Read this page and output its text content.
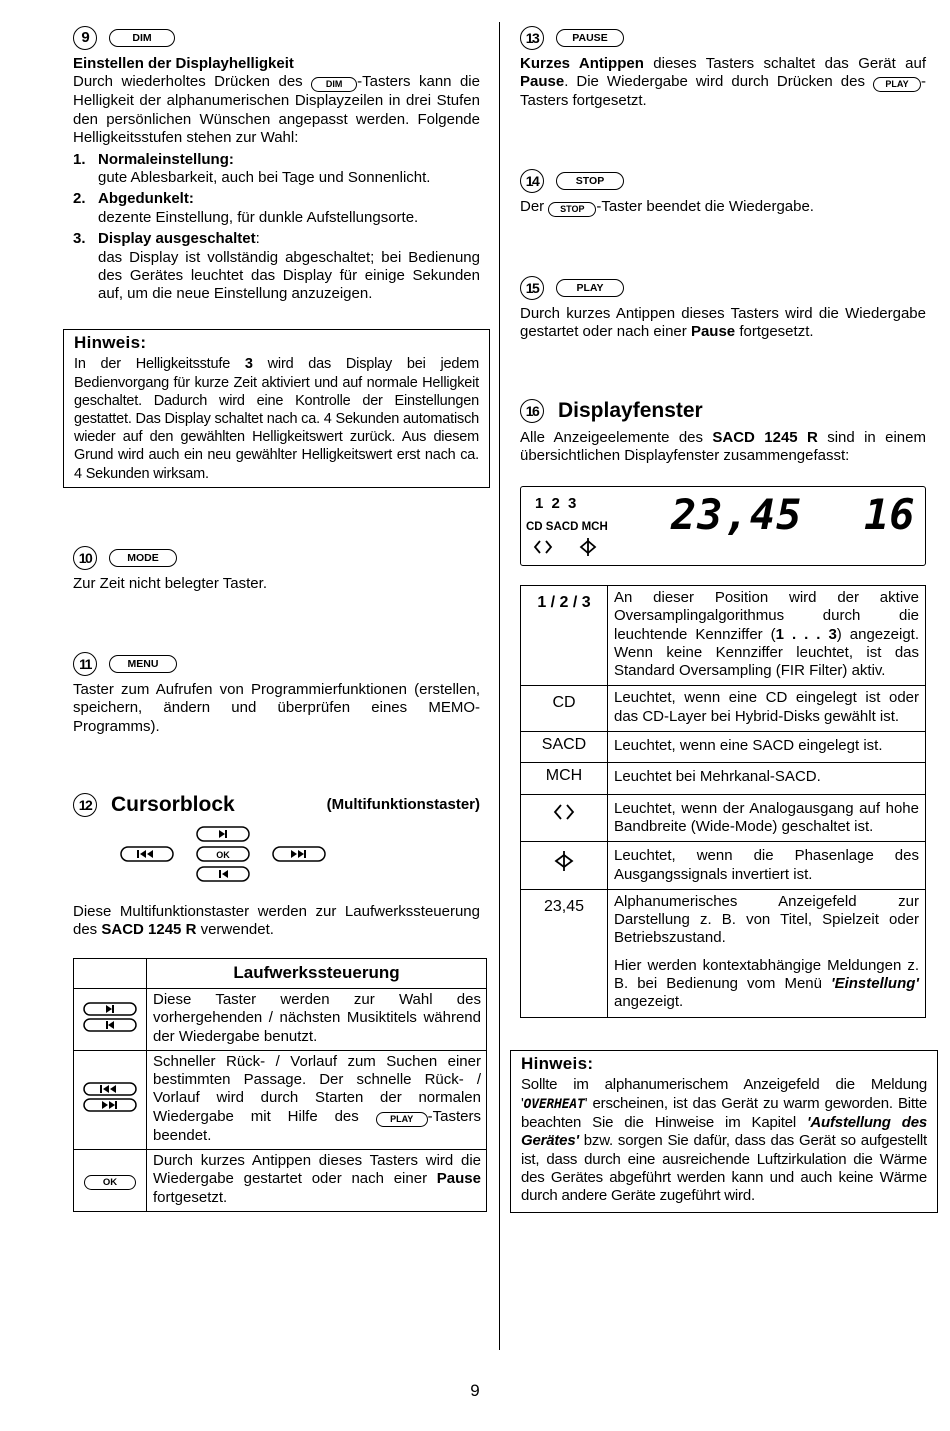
9	DIM

Einstellen der Displayhelligkeit

Durch wiederholtes Drücken des DIM -Tasters kann die Helligkeit der alphanumerischen Displayzeilen in drei Stufen den persönlichen Wünschen angepasst werden. Folgende Helligkeitsstufen stehen zur Wahl:

1. Normaleinstellung:
gute Ablesbarkeit, auch bei Tage und Sonnenlicht.
2. Abgedunkelt:
dezente Einstellung, für dunkle Aufstellungsorte.
3. Display ausgeschaltet:
das Display ist vollständig abgeschaltet; bei Bedienung des Gerätes leuchtet das Display für einige Sekunden auf, um die neue Einstellung anzuzeigen.
Hinweis:

In der Helligkeitsstufe 3 wird das Display bei jedem Bedienvorgang für kurze Zeit aktiviert und auf normale Helligkeit geschaltet. Dadurch wird eine Kontrolle der Einstellungen gestattet. Das Display schaltet nach ca. 4 Sekunden automatisch wieder auf den gewählten Helligkeitswert zurück. Aus diesem Grund wird auch ein neu gewählter Helligkeitswert erst nach ca. 4 Sekunden wirksam.

10	MODE

Zur Zeit nicht belegter Taster.

11	MENU

Taster zum Aufrufen von Programmierfunktionen (erstellen, speichern, ändern und überprüfen eines MEMO-Programms).

12 Cursorblock	(Multifunktionstaster)
OK

Diese Multifunktionstaster werden zur Laufwerkssteuerung des SACD 1245 R verwendet.

	Laufwerkssteuerung
	Diese Taster werden zur Wahl des vorhergehenden / nächsten Musiktitels während der Wiedergabe benutzt.
	Schneller Rück- / Vorlauf zum Suchen einer bestimmten Passage. Der schnelle Rück- / Vorlauf wird durch Starten der normalen Wiedergabe mit Hilfe des PLAY -Tasters beendet.
OK	Durch kurzes Antippen dieses Tasters wird die Wiedergabe gestartet oder nach einer Pause fortgesetzt.
13	PAUSE

Kurzes Antippen dieses Tasters schaltet das Gerät auf Pause. Die Wiedergabe wird durch Drücken des PLAY -Tasters fortgesetzt.

14	STOP

Der STOP -Taster beendet die Wiedergabe.

15	PLAY

Durch kurzes Antippen dieses Tasters wird die Wiedergabe gestartet oder nach einer Pause fortgesetzt.

16 Displayfenster

Alle Anzeigeelemente des SACD 1245 R sind in einem übersichtlichen Displayfenster zusammengefasst:

1 2 3
CD SACD MCH 23,45 16
1 / 2 / 3	An dieser Position wird der aktive Oversamplingalgorithmus durch die leuchtende Kennziffer (1 . . . 3) angezeigt. Wenn keine Kennziffer leuchtet, ist das Standard Oversampling (FIR Filter) aktiv.
CD	Leuchtet, wenn eine CD eingelegt ist oder das CD-Layer bei Hybrid-Disks gewählt ist.
SACD	Leuchtet, wenn eine SACD eingelegt ist.
MCH	Leuchtet bei Mehrkanal-SACD.
	Leuchtet, wenn der Analogausgang auf hohe Bandbreite (Wide-Mode) geschaltet ist.
	Leuchtet, wenn die Phasenlage des Ausgangssignals invertiert ist.
23,45	Alphanumerisches Anzeigefeld zur Darstellung z. B. von Titel, Spielzeit oder Betriebszustand.

Hier werden kontextabhängige Meldungen z. B. bei Bedienung vom Menü 'Einstellung' angezeigt.

Hinweis:

Sollte im alphanumerischem Anzeigefeld die Meldung 'OVERHEAT' erscheinen, ist das Gerät zu warm geworden. Bitte beachten Sie die Hinweise im Kapitel 'Aufstellung des Gerätes' bzw. sorgen Sie dafür, dass das Gerät so aufgestellt ist, dass durch eine ausreichende Luftzirkulation die Wärme des Gerätes abgeführt werden kann und auch keine Wärme durch andere Geräte zugeführt wird.

9
